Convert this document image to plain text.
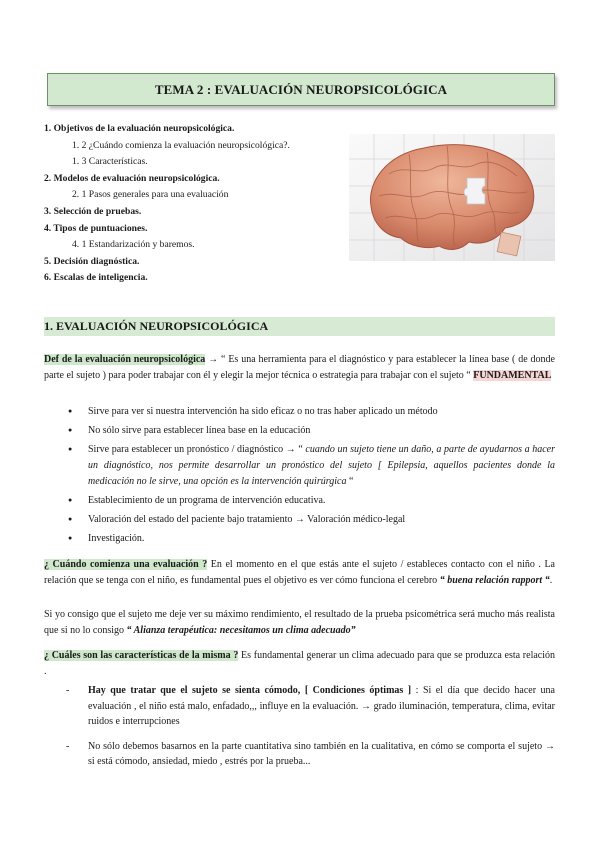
TEMA 2 : EVALUACIÓN NEUROPSICOLÓGICA
1. Objetivos de la evaluación neuropsicológica.
1. 2 ¿Cuándo comienza la evaluación neuropsicológica?.
1. 3 Características.
2. Modelos de evaluación neuropsicológica.
2. 1 Pasos generales para una evaluación
3. Selección de pruebas.
4. Tipos de puntuaciones.
4. 1 Estandarización y baremos.
5. Decisión diagnóstica.
6. Escalas de inteligencia.
1. EVALUACIÓN NEUROPSICOLÓGICA
Def de la evaluación neuropsicológica → “ Es una herramienta para el diagnóstico y para establecer la línea base ( de donde parte el sujeto ) para poder trabajar con él y elegir la mejor técnica o estrategia para trabajar con el sujeto “ FUNDAMENTAL
● Sirve para ver si nuestra intervención ha sido eficaz o no tras haber aplicado un método
● No sólo sirve para establecer línea base en la educación
● Sirve para establecer un pronóstico / diagnóstico → “ cuando un sujeto tiene un daño, a parte de ayudarnos a hacer un diagnóstico, nos permite desarrollar un pronóstico del sujeto [ Epilepsia, aquellos pacientes donde la medicación no le sirve, una opción es la intervención quirúrgica “
● Establecimiento de un programa de intervención educativa.
● Valoración del estado del paciente bajo tratamiento → Valoración médico-legal
● Investigación.
¿ Cuándo comienza una evaluación ? En el momento en el que estás ante el sujeto / estableces contacto con el niño . La relación que se tenga con el niño, es fundamental pues el objetivo es ver cómo funciona el cerebro “ buena relación rapport “.
Si yo consigo que el sujeto me deje ver su máximo rendimiento, el resultado de la prueba psicométrica será mucho más realista que si no lo consigo “ Alianza terapéutica: necesitamos un clima adecuado”
¿ Cuáles son las características de la misma ? Es fundamental generar un clima adecuado para que se produzca esta relación .
- Hay que tratar que el sujeto se sienta cómodo, [ Condiciones óptimas ] : Si el día que decido hacer una evaluación , el niño está malo, enfadado,,, influye en la evaluación. → grado iluminación, temperatura, clima, evitar ruidos e interrupciones
- No sólo debemos basarnos en la parte cuantitativa sino también en la cualitativa, en cómo se comporta el sujeto → si está cómodo, ansiedad, miedo , estrés por la prueba...
